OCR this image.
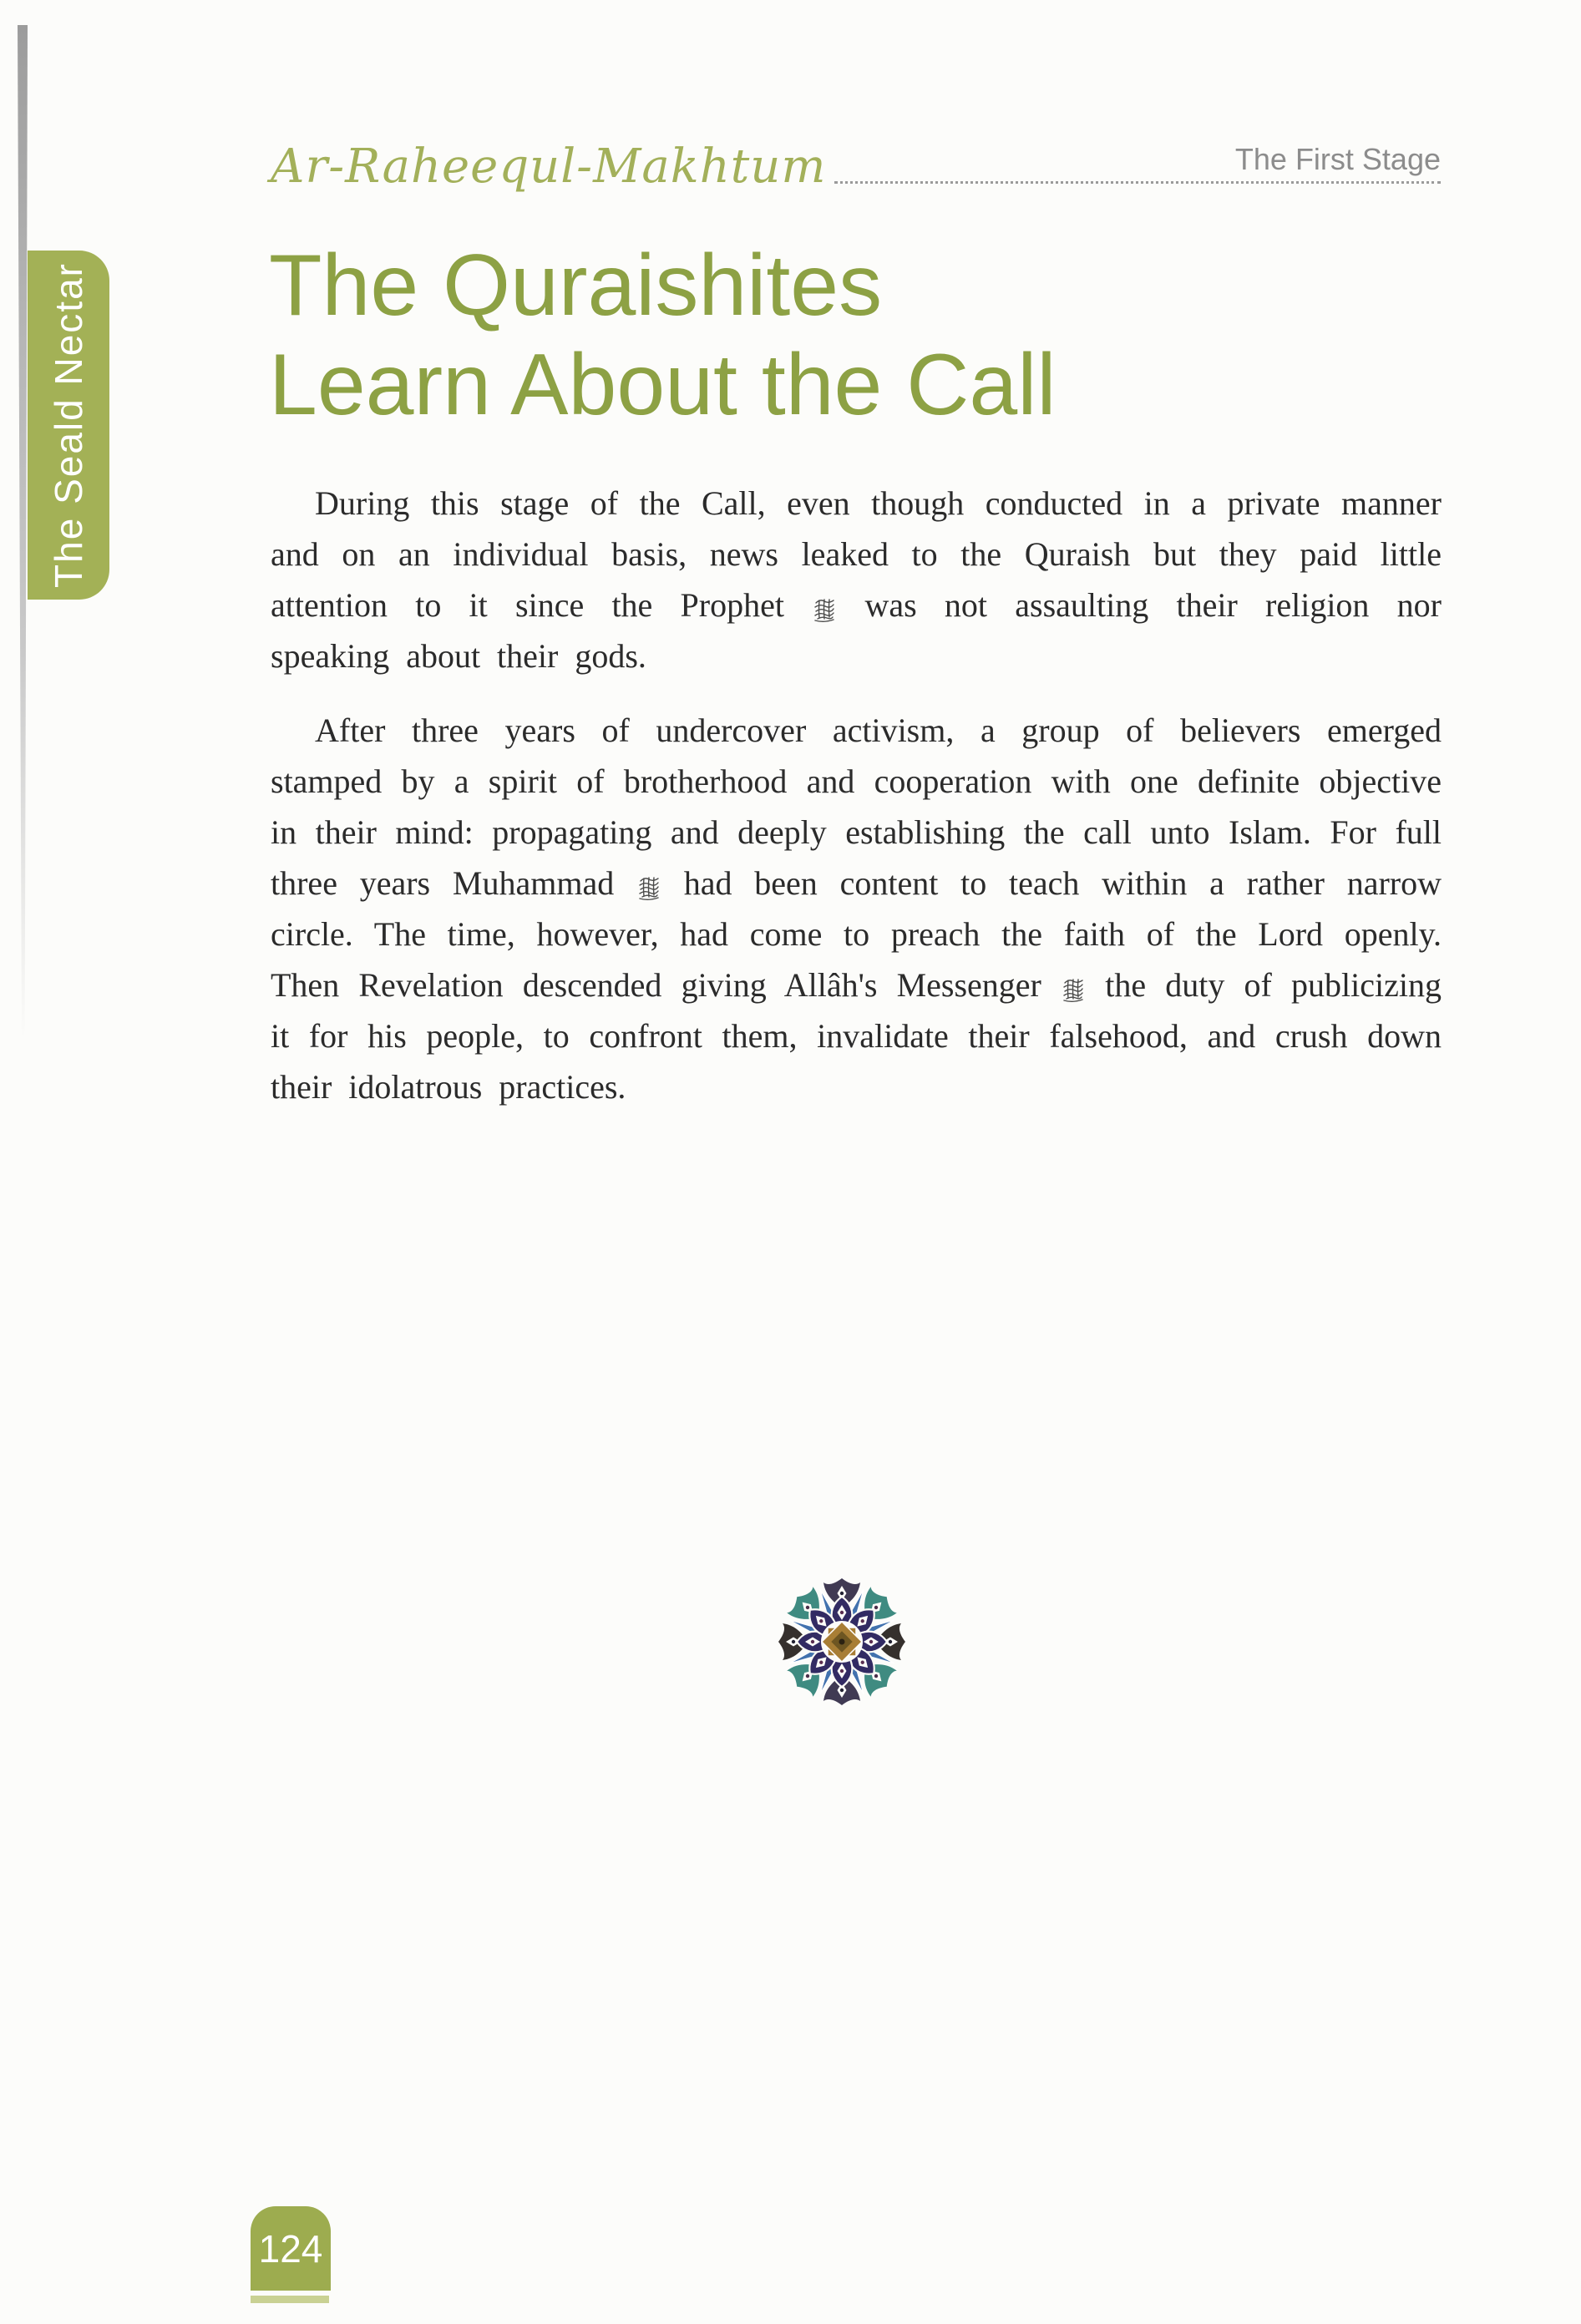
The Seald Nectar
Ar-Raheequl-Makhtum	The First Stage
The Quraishites
Learn About the Call

During this stage of the Call, even though conducted in a private manner and on an individual basis, news leaked to the Quraish but they paid little attention to it since the Prophet  was not assaulting their religion nor speaking about their gods.

After three years of undercover activism, a group of believers emerged stamped by a spirit of brotherhood and cooperation with one definite objective in their mind: propagating and deeply establishing the call unto Islam. For full three years Muhammad  had been content to teach within a rather narrow circle. The time, however, had come to preach the faith of the Lord openly. Then Revelation descended giving Allâh's Messenger  the duty of publicizing it for his people, to confront them, invalidate their falsehood, and crush down their idolatrous practices.

124
